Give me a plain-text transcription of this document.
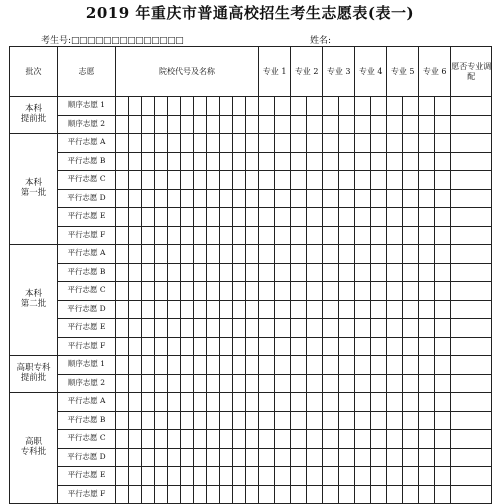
2019 年重庆市普通高校招生考生志愿表(表一)
考生号:□□□□□□□□□□□□□□	姓名:
批次	志愿	院校代号及名称											专业 1		专业 2		专业 3		专业 4		专业 5		专业 6		愿否专业调配

本科
提前批	顺序志愿 1																								
	顺序志愿 2																								

本科
第一批	平行志愿 A																								
	平行志愿 B																								
	平行志愿 C																								
	平行志愿 D																								
	平行志愿 E																								
	平行志愿 F																								

本科
第二批	平行志愿 A																								
	平行志愿 B																								
	平行志愿 C																								
	平行志愿 D																								
	平行志愿 E																								
	平行志愿 F																								

高职专科
提前批	顺序志愿 1																								
	顺序志愿 2																								

高职
专科批	平行志愿 A																								
	平行志愿 B																								
	平行志愿 C																								
	平行志愿 D																								
	平行志愿 E																								
	平行志愿 F																								
